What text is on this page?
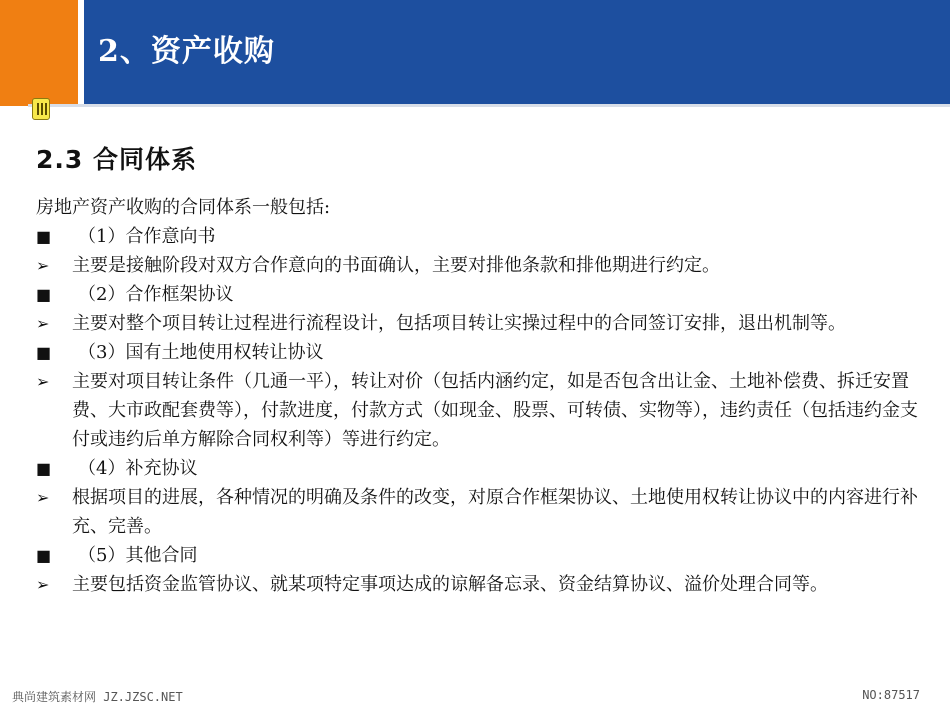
2、资产收购
2.3 合同体系

房地产资产收购的合同体系一般包括:

■	（1）合作意向书
➢	主要是接触阶段对双方合作意向的书面确认，主要对排他条款和排他期进行约定。
■	（2）合作框架协议
➢	主要对整个项目转让过程进行流程设计，包括项目转让实操过程中的合同签订安排，退出机制等。
■	（3）国有土地使用权转让协议
➢	主要对项目转让条件（几通一平），转让对价（包括内涵约定，如是否包含出让金、土地补偿费、拆迁安置费、大市政配套费等），付款进度，付款方式（如现金、股票、可转债、实物等），违约责任（包括违约金支付或违约后单方解除合同权利等）等进行约定。
■	（4）补充协议
➢	根据项目的进展，各种情况的明确及条件的改变，对原合作框架协议、土地使用权转让协议中的内容进行补充、完善。
■	（5）其他合同
➢	主要包括资金监管协议、就某项特定事项达成的谅解备忘录、资金结算协议、溢价处理合同等。
典尚建筑素材网 JZ.JZSC.NET	NO:87517
